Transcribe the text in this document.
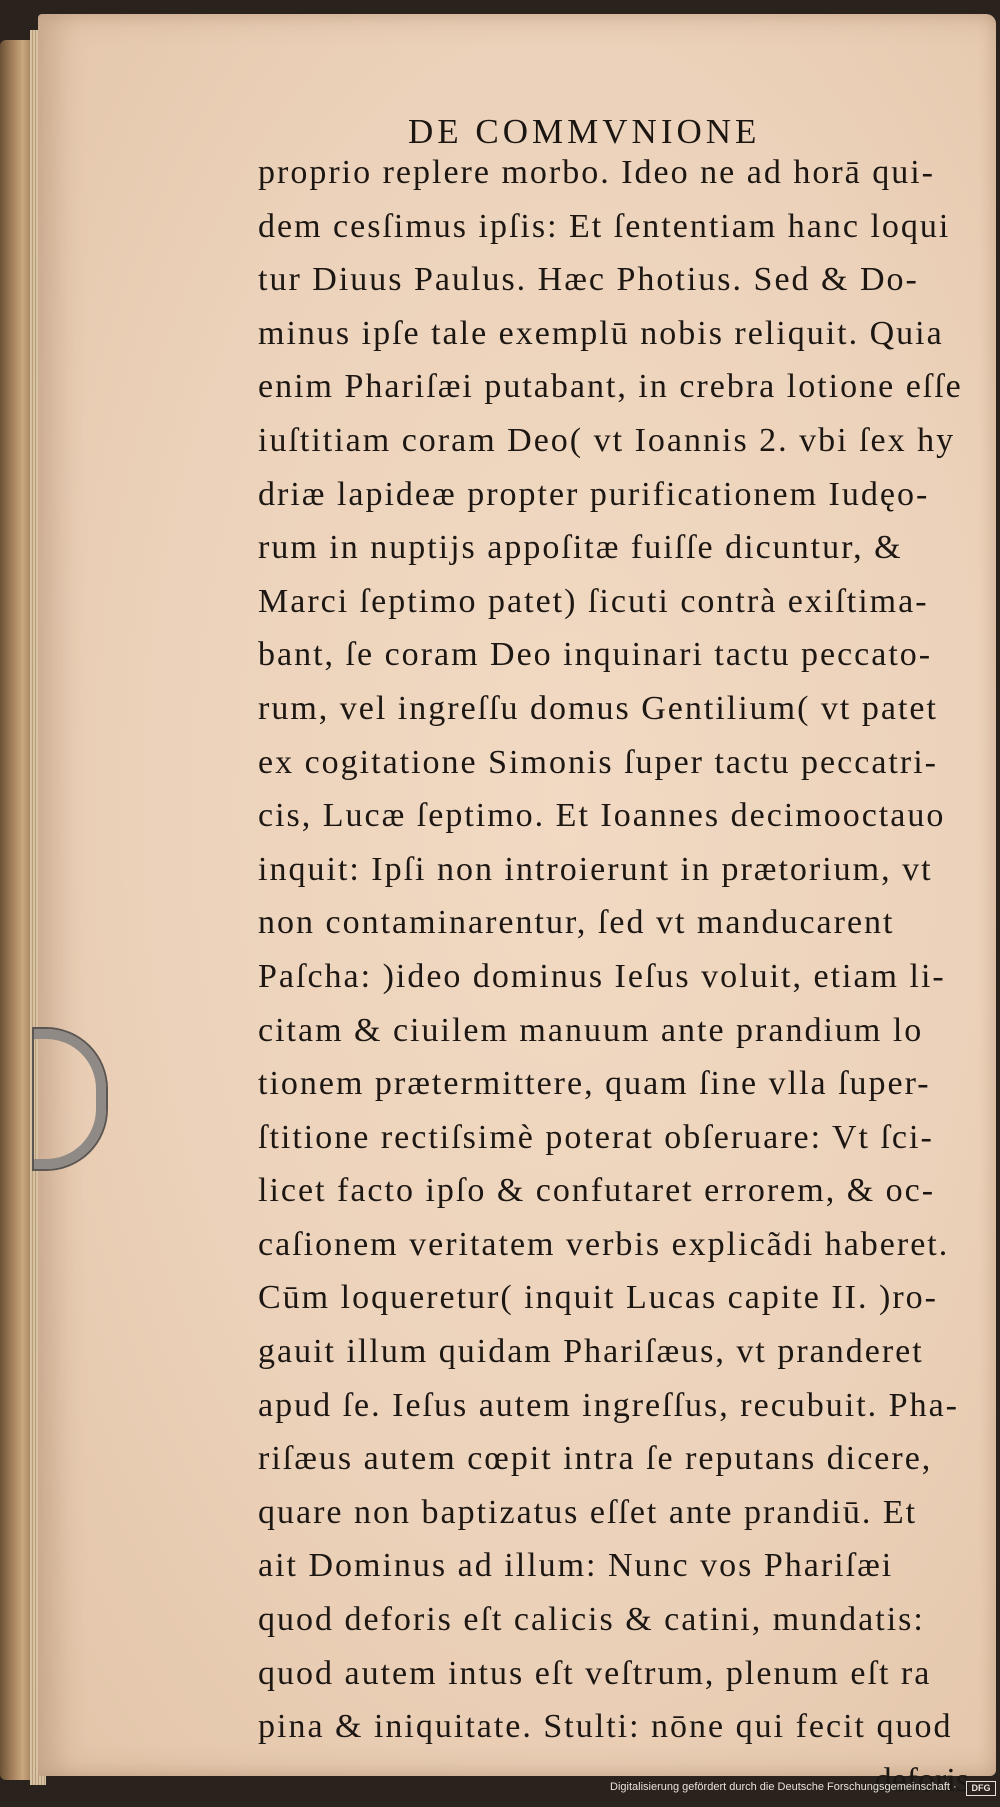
DE COMMVNIONE
proprio replere morbo. Ideo ne ad horā qui-
dem cesſimus ipſis: Et ſententiam hanc loqui
tur Diuus Paulus. Hæc Photius. Sed & Do-
minus ipſe tale exemplū nobis reliquit. Quia
enim Phariſæi putabant, in crebra lotione eſſe
iuſtitiam coram Deo( vt Ioannis 2. vbi ſex hy
driæ lapideæ propter purificationem Iudęo-
rum in nuptijs appoſitæ fuiſſe dicuntur, &
Marci ſeptimo patet) ſicuti contrà exiſtima-
bant, ſe coram Deo inquinari tactu peccato-
rum, vel ingreſſu domus Gentilium( vt patet
ex cogitatione Simonis ſuper tactu peccatri-
cis, Lucæ ſeptimo. Et Ioannes decimooctauo
inquit: Ipſi non introierunt in prætorium, vt
non contaminarentur, ſed vt manducarent
Paſcha: )ideo dominus Ieſus voluit, etiam li-
citam & ciuilem manuum ante prandium lo
tionem prætermittere, quam ſine vlla ſuper-
ſtitione rectiſsimè poterat obſeruare: Vt ſci-
licet facto ipſo & confutaret errorem, & oc-
caſionem veritatem verbis explicãdi haberet.
Cūm loqueretur( inquit Lucas capite II. )ro-
gauit illum quidam Phariſæus, vt pranderet
apud ſe. Ieſus autem ingreſſus, recubuit. Pha-
riſæus autem cœpit intra ſe reputans dicere,
quare non baptizatus eſſet ante prandiū. Et
ait Dominus ad illum: Nunc vos Phariſæi
quod deforis eſt calicis & catini, mundatis:
quod autem intus eſt veſtrum, plenum eſt ra
pina & iniquitate. Stulti: nōne qui fecit quod
deforis
Digitalisierung gefördert durch die Deutsche Forschungsgemeinschaft ·	DFG
